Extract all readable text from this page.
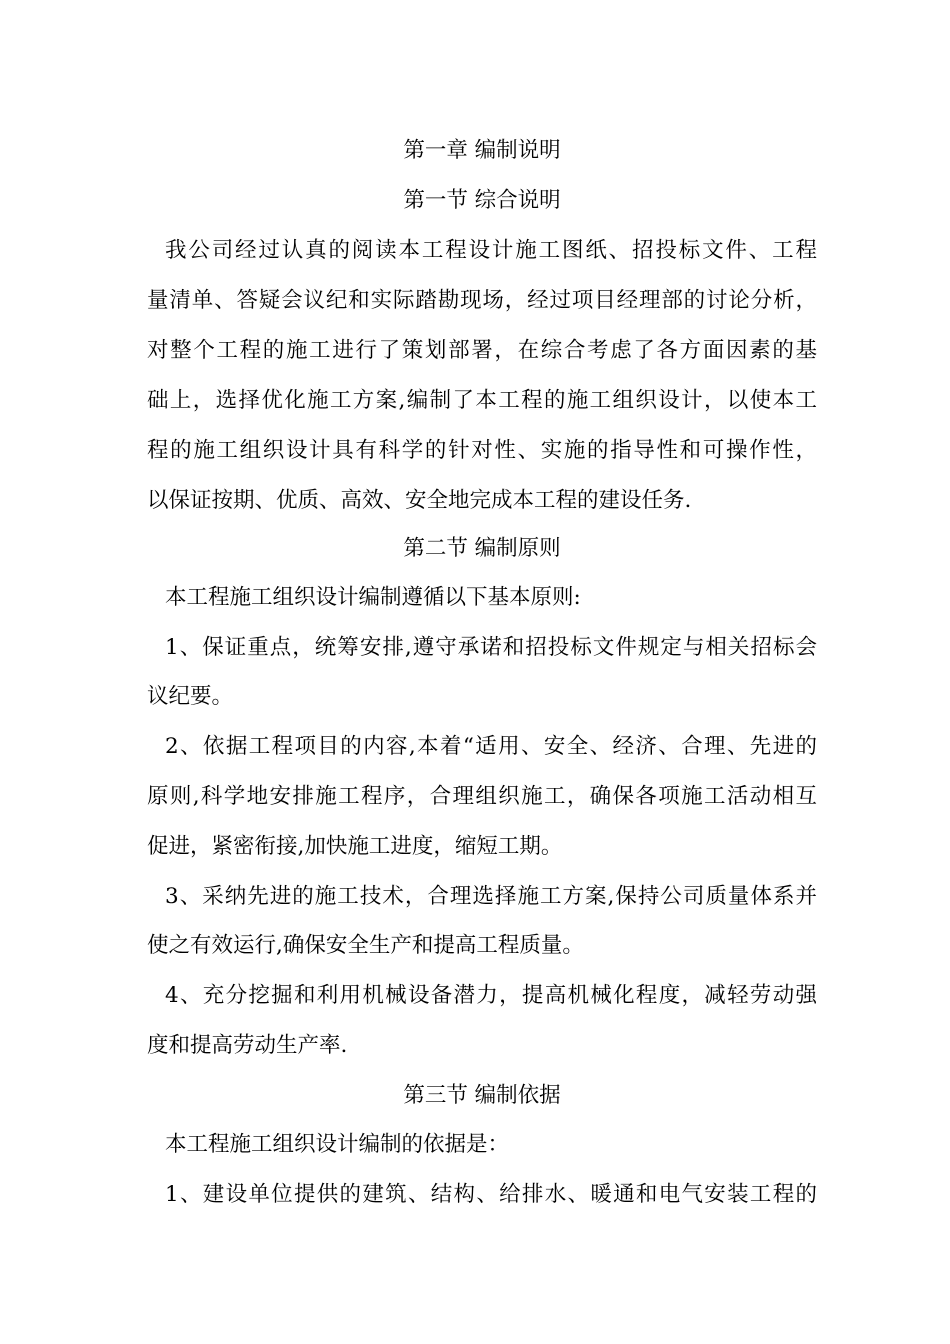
第一章 编制说明
第一节 综合说明
我公司经过认真的阅读本工程设计施工图纸、招投标文件、工程
量清单、答疑会议纪和实际踏勘现场，经过项目经理部的讨论分析，
对整个工程的施工进行了策划部署，在综合考虑了各方面因素的基
础上，选择优化施工方案,编制了本工程的施工组织设计，以使本工
程的施工组织设计具有科学的针对性、实施的指导性和可操作性，
以保证按期、优质、高效、安全地完成本工程的建设任务.
第二节 编制原则
本工程施工组织设计编制遵循以下基本原则:
1、保证重点，统筹安排,遵守承诺和招投标文件规定与相关招标会
议纪要。
2、依据工程项目的内容,本着“适用、安全、经济、合理、先进的
原则,科学地安排施工程序，合理组织施工，确保各项施工活动相互
促进，紧密衔接,加快施工进度，缩短工期。
3、采纳先进的施工技术，合理选择施工方案,保持公司质量体系并
使之有效运行,确保安全生产和提高工程质量。
4、充分挖掘和利用机械设备潜力，提高机械化程度，减轻劳动强
度和提高劳动生产率.
第三节 编制依据
本工程施工组织设计编制的依据是：
1、建设单位提供的建筑、结构、给排水、暖通和电气安装工程的
